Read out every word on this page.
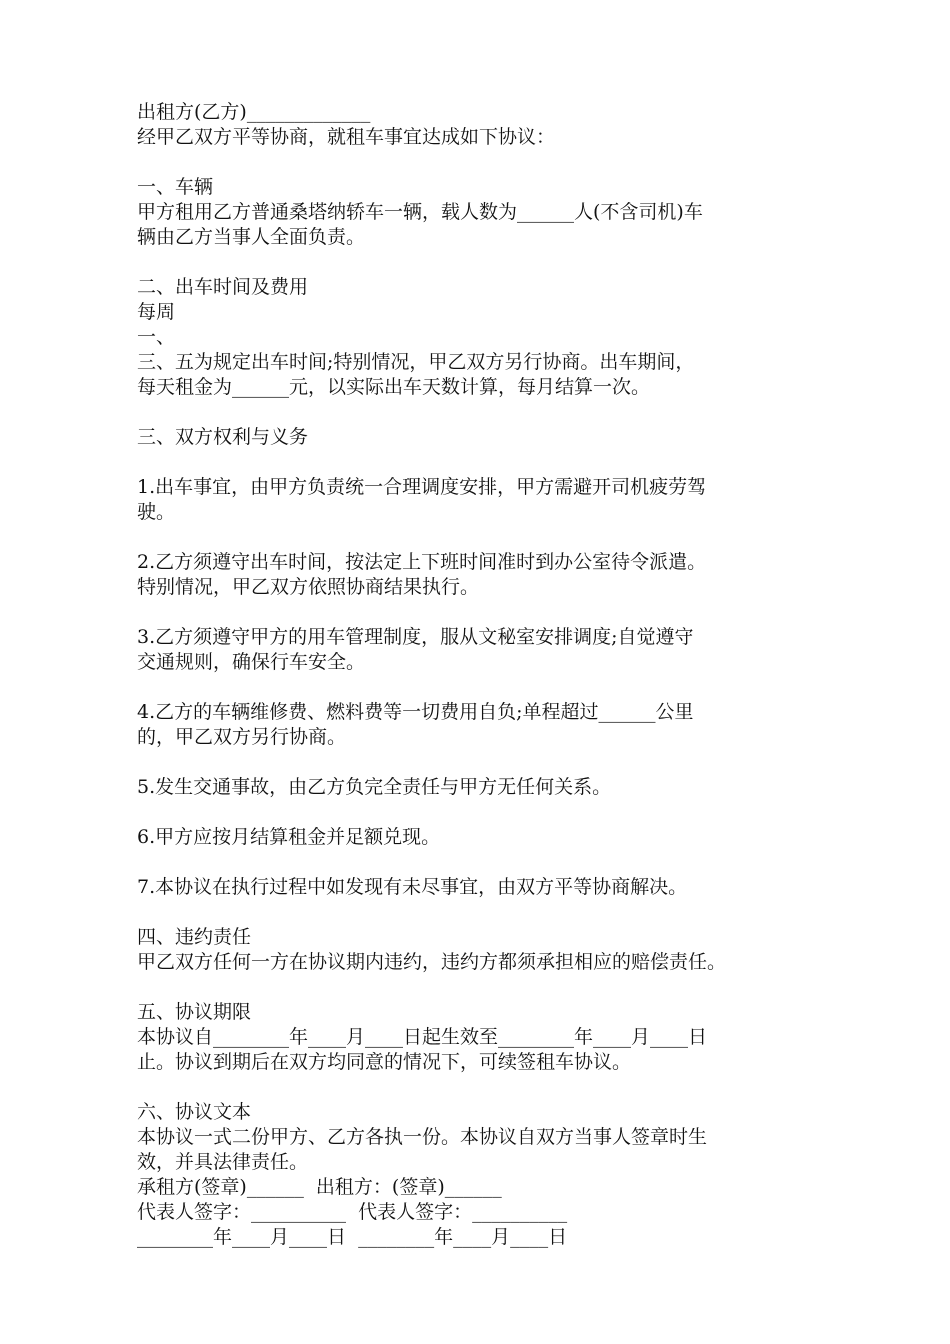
出租方(乙方)_____________
经甲乙双方平等协商，就租车事宜达成如下协议：
一、车辆
甲方租用乙方普通桑塔纳轿车一辆，载人数为______人(不含司机)车
辆由乙方当事人全面负责。
二、出车时间及费用
每周
一、
三、五为规定出车时间;特别情况，甲乙双方另行协商。出车期间，
每天租金为______元，以实际出车天数计算，每月结算一次。
三、双方权利与义务
1.出车事宜，由甲方负责统一合理调度安排，甲方需避开司机疲劳驾
驶。
2.乙方须遵守出车时间，按法定上下班时间准时到办公室待令派遣。
特别情况，甲乙双方依照协商结果执行。
3.乙方须遵守甲方的用车管理制度，服从文秘室安排调度;自觉遵守
交通规则，确保行车安全。
4.乙方的车辆维修费、燃料费等一切费用自负;单程超过______公里
的，甲乙双方另行协商。
5.发生交通事故，由乙方负完全责任与甲方无任何关系。
6.甲方应按月结算租金并足额兑现。
7.本协议在执行过程中如发现有未尽事宜，由双方平等协商解决。
四、违约责任
甲乙双方任何一方在协议期内违约，违约方都须承担相应的赔偿责任。
五、协议期限
本协议自________年____月____日起生效至________年____月____日
止。协议到期后在双方均同意的情况下，可续签租车协议。
六、协议文本
本协议一式二份甲方、乙方各执一份。本协议自双方当事人签章时生
效，并具法律责任。
承租方(签章)______  出租方：(签章)______
代表人签字：__________  代表人签字：__________
________年____月____日  ________年____月____日
